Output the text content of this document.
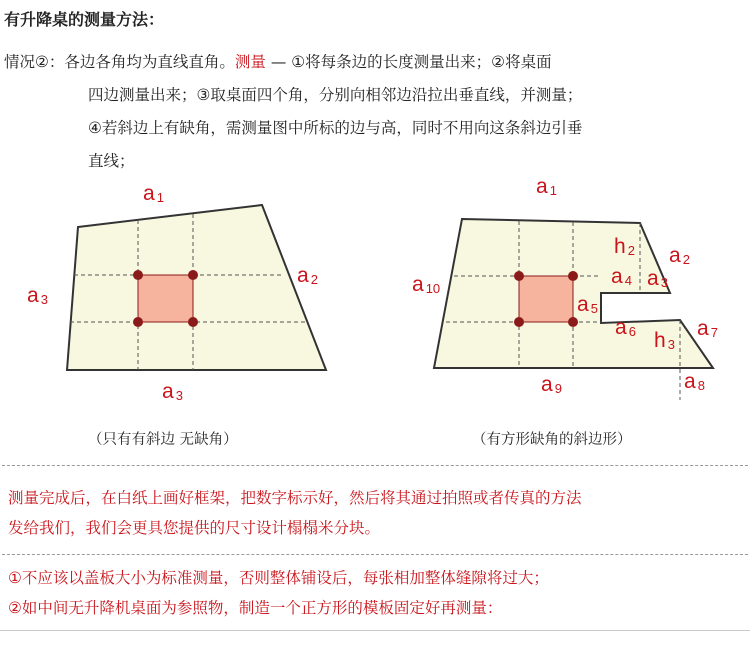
有升降桌的测量方法：
情况②：各边各角均为直线直角。测量 — ①将每条边的长度测量出来；②将桌面
四边测量出来；③取桌面四个角，分别向相邻边沿拉出垂直线，并测量；
④若斜边上有缺角，需测量图中所标的边与高，同时不用向这条斜边引垂
直线；
a 1
a 2
a 3
a 3
a 1
h 2 a 2
a 4 a 3
a 5
a 10
a 6 h 3
a 7
a 9	a 8
（只有有斜边 无缺角）	（有方形缺角的斜边形）
测量完成后，在白纸上画好框架，把数字标示好，然后将其通过拍照或者传真的方法
发给我们，我们会更具您提供的尺寸设计榻榻米分块。
①不应该以盖板大小为标准测量，否则整体铺设后，每张相加整体缝隙将过大；
②如中间无升降机桌面为参照物，制造一个正方形的模板固定好再测量：
